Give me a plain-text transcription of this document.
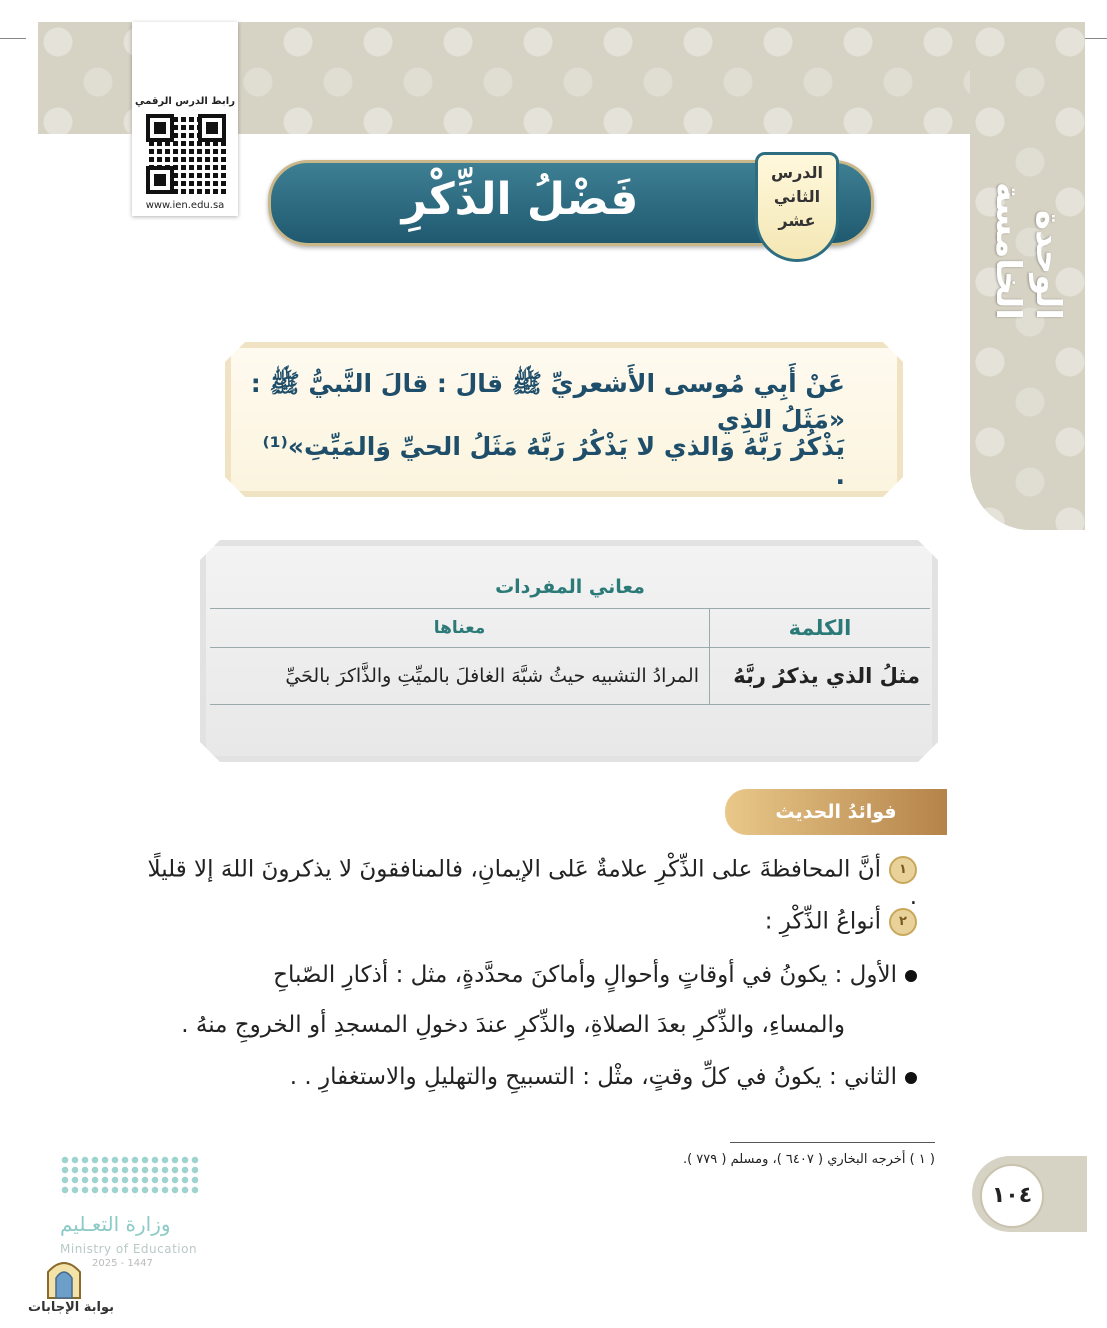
الوحدة الخامسة
رابط الدرس الرقمي
www.ien.edu.sa	فَضْلُ الذِّكْرِ
الدرس
الثاني
عشر
عَنْ أَبِي مُوسى الأَشعريِّ ﷺ قالَ : قالَ النَّبيُّ ﷺ : «مَثَلُ الذِي
يَذْكُرُ رَبَّهُ وَالذي لا يَذْكُرُ رَبَّهُ مَثَلُ الحيِّ وَالمَيِّتِ»⁽¹⁾ .
معاني المفردات
الكلمة	معناها
مثلُ الذي يذكرُ ربَّهُ	المرادُ التشبيه حيثُ شبَّهَ الغافلَ بالميِّتِ والذَّاكرَ بالحَيِّ
فوائدُ الحديث
١أنَّ المحافظةَ على الذِّكْرِ علامةٌ عَلى الإيمانِ، فالمنافقونَ لا يذكرونَ اللهَ إلا قليلًا .
٢أنواعُ الذِّكْرِ :
الأول : يكونُ في أوقاتٍ وأحوالٍ وأماكنَ محدَّدةٍ، مثل : أذكارِ الصّباحِ
والمساءِ، والذِّكرِ بعدَ الصلاةِ، والذِّكرِ عندَ دخولِ المسجدِ أو الخروجِ منهُ .
الثاني : يكونُ في كلِّ وقتٍ، مثْل : التسبيحِ والتهليلِ والاستغفارِ . .
( ١ ) أخرجه البخاري ( ٦٤٠٧ )، ومسلم ( ٧٧٩ ).
١٠٤
وزارة التعـليم
Ministry of Education
2025 - 1447
بوابة الإجابات
